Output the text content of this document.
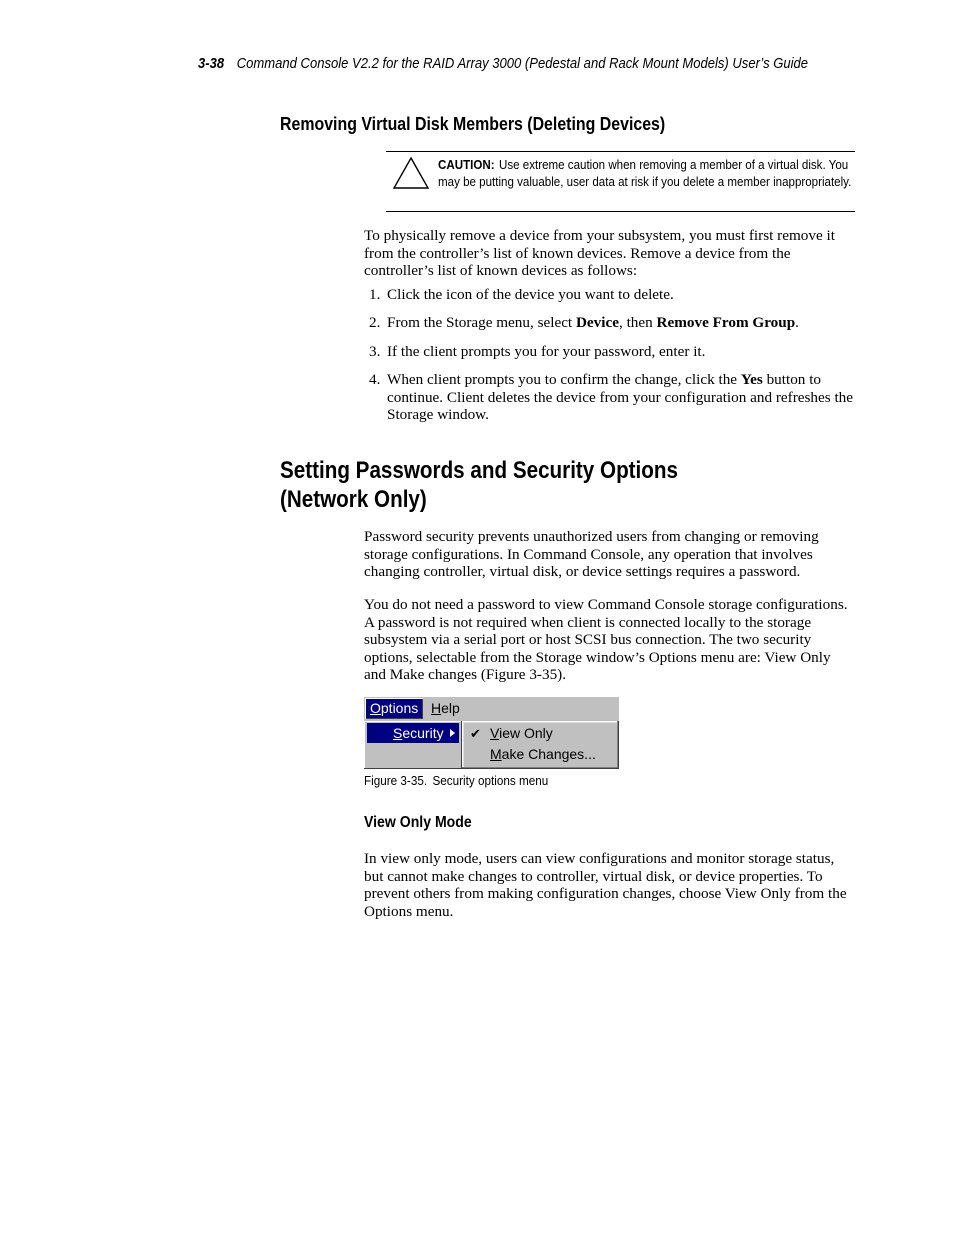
3-38 Command Console V2.2 for the RAID Array 3000 (Pedestal and Rack Mount Models) User’s Guide
Removing Virtual Disk Members (Deleting Devices)
CAUTION: Use extreme caution when removing a member of a virtual disk. You may be putting valuable, user data at risk if you delete a member inappropriately.

To physically remove a device from your subsystem, you must first remove it from the controller’s list of known devices. Remove a device from the controller’s list of known devices as follows:

1. Click the icon of the device you want to delete.
2. From the Storage menu, select Device, then Remove From Group.
3. If the client prompts you for your password, enter it.
4. When client prompts you to confirm the change, click the Yes button to continue. Client deletes the device from your configuration and refreshes the Storage window.
Setting Passwords and Security Options
(Network Only)

Password security prevents unauthorized users from changing or removing storage configurations. In Command Console, any operation that involves changing controller, virtual disk, or device settings requires a password.

You do not need a password to view Command Console storage configurations. A password is not required when client is connected locally to the storage subsystem via a serial port or host SCSI bus connection. The two security options, selectable from the Storage window’s Options menu are: View Only and Make changes (Figure 3-35).

Options Help
Security	✔ View Only
Make Changes...
Figure 3-35. Security options menu
View Only Mode

In view only mode, users can view configurations and monitor storage status, but cannot make changes to controller, virtual disk, or device properties. To prevent others from making configuration changes, choose View Only from the Options menu.
